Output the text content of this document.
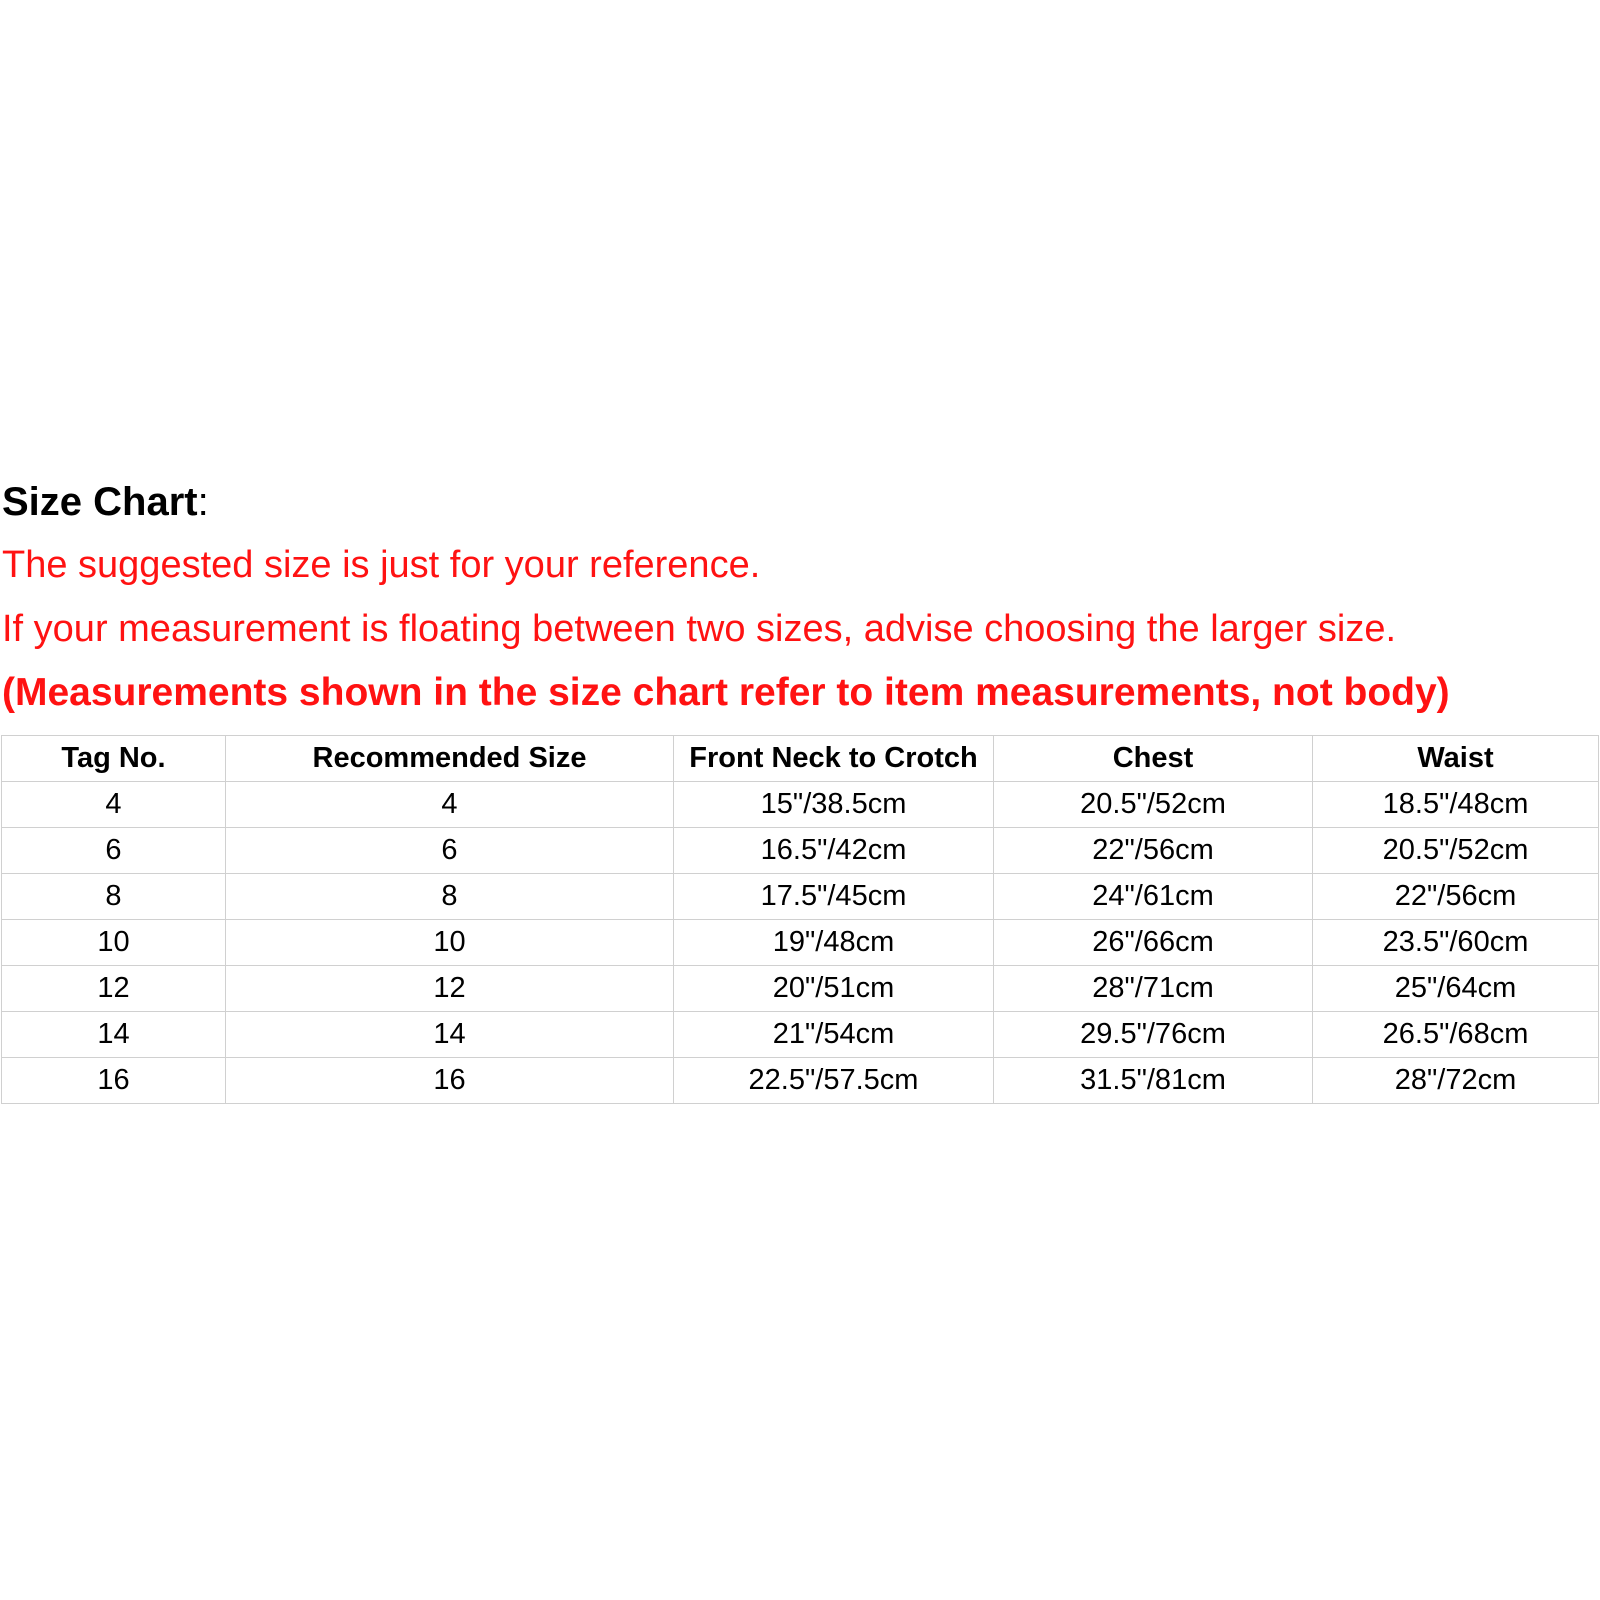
Size Chart:
The suggested size is just for your reference.
If your measurement is floating between two sizes, advise choosing the larger size.
(Measurements shown in the size chart refer to item measurements, not body)
Tag No.	Recommended Size	Front Neck to Crotch	Chest	Waist
4	4	15"/38.5cm	20.5"/52cm	18.5"/48cm
6	6	16.5"/42cm	22"/56cm	20.5"/52cm
8	8	17.5"/45cm	24"/61cm	22"/56cm
10	10	19"/48cm	26"/66cm	23.5"/60cm
12	12	20"/51cm	28"/71cm	25"/64cm
14	14	21"/54cm	29.5"/76cm	26.5"/68cm
16	16	22.5"/57.5cm	31.5"/81cm	28"/72cm
